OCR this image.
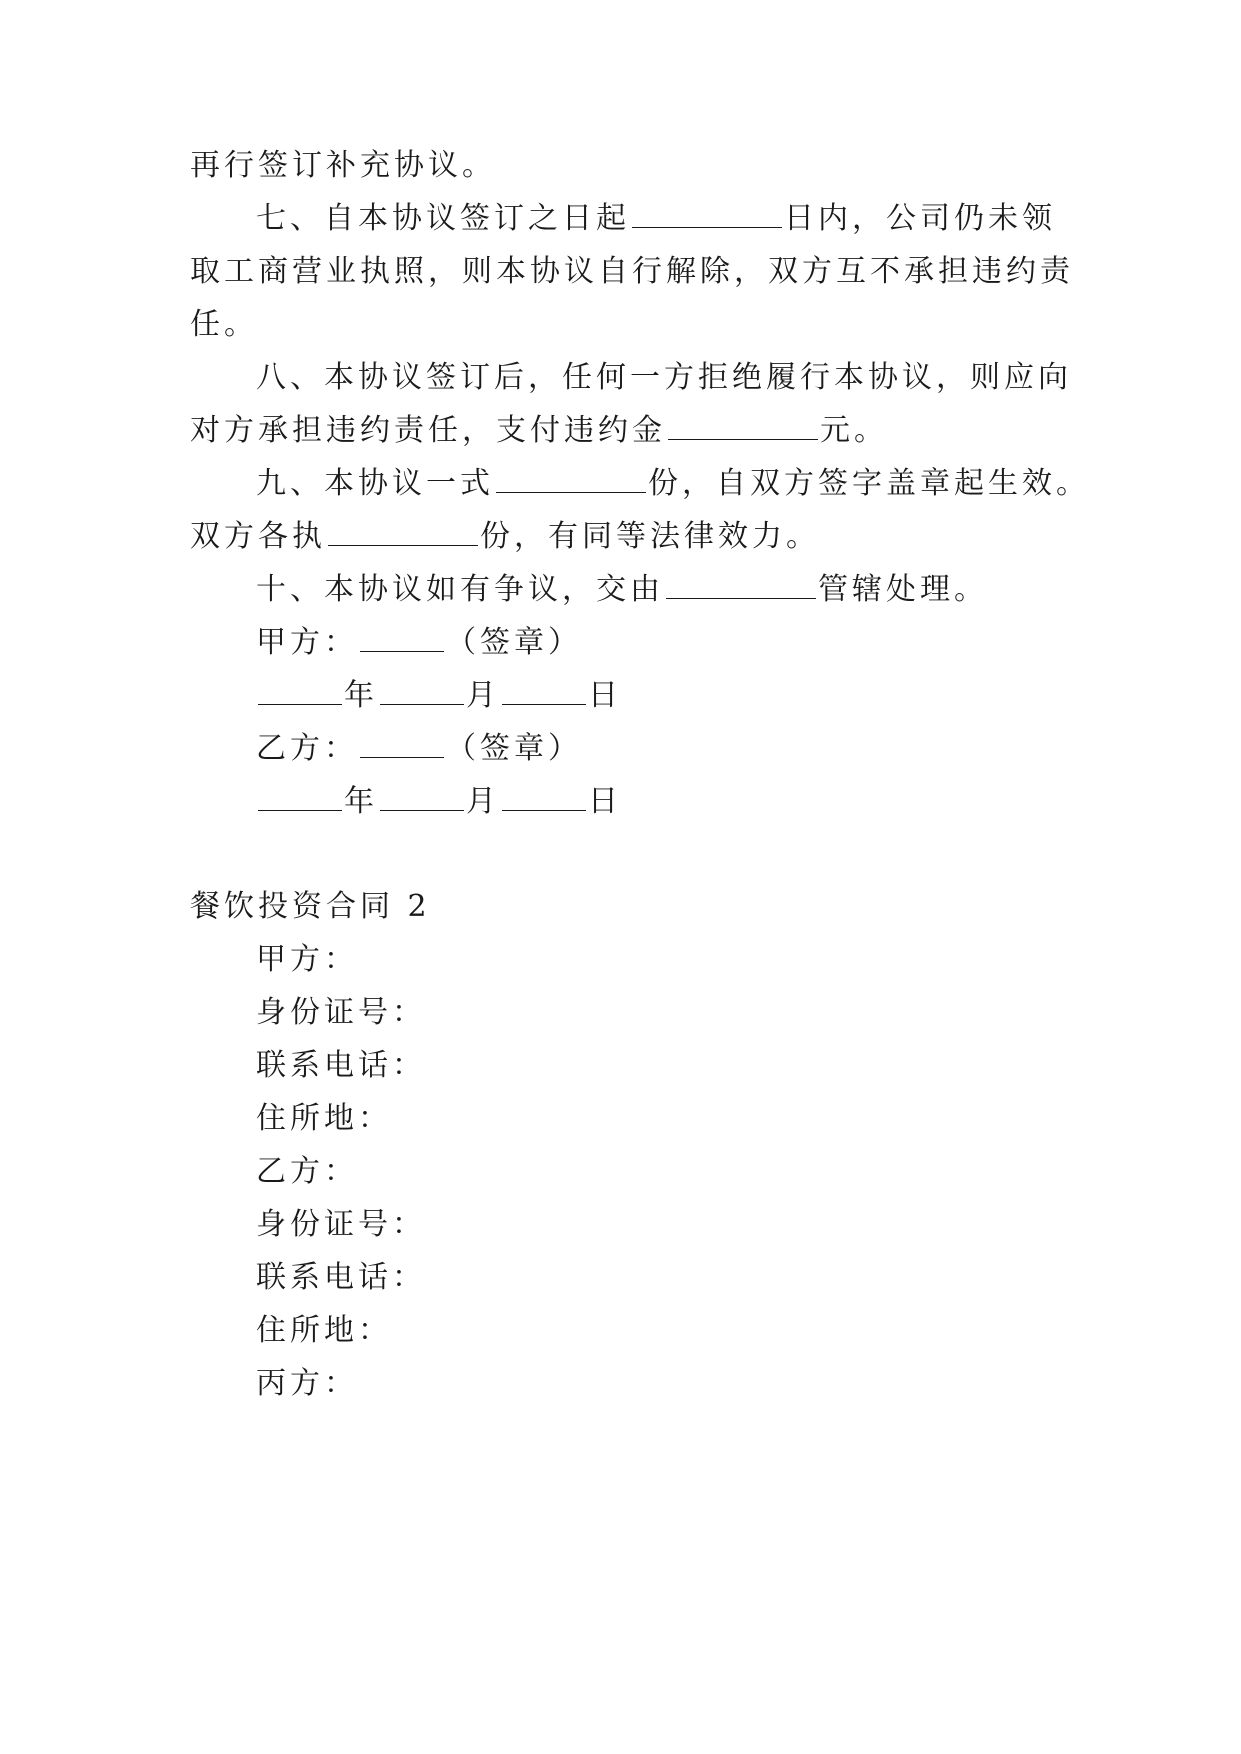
再行签订补充协议。
七、自本协议签订之日起	日内，公司仍未领
取工商营业执照，则本协议自行解除，双方互不承担违约责
任。
八、本协议签订后，任何一方拒绝履行本协议，则应向
对方承担违约责任，支付违约金	元。
九、本协议一式	份，自双方签字盖章起生效。
双方各执	份，有同等法律效力。
十、本协议如有争议，交由	管辖处理。
甲方：	（签章）
年	月	日
乙方：	（签章）
年	月	日
餐饮投资合同 2
甲方：
身份证号：
联系电话：
住所地：
乙方：
身份证号：
联系电话：
住所地：
丙方：
